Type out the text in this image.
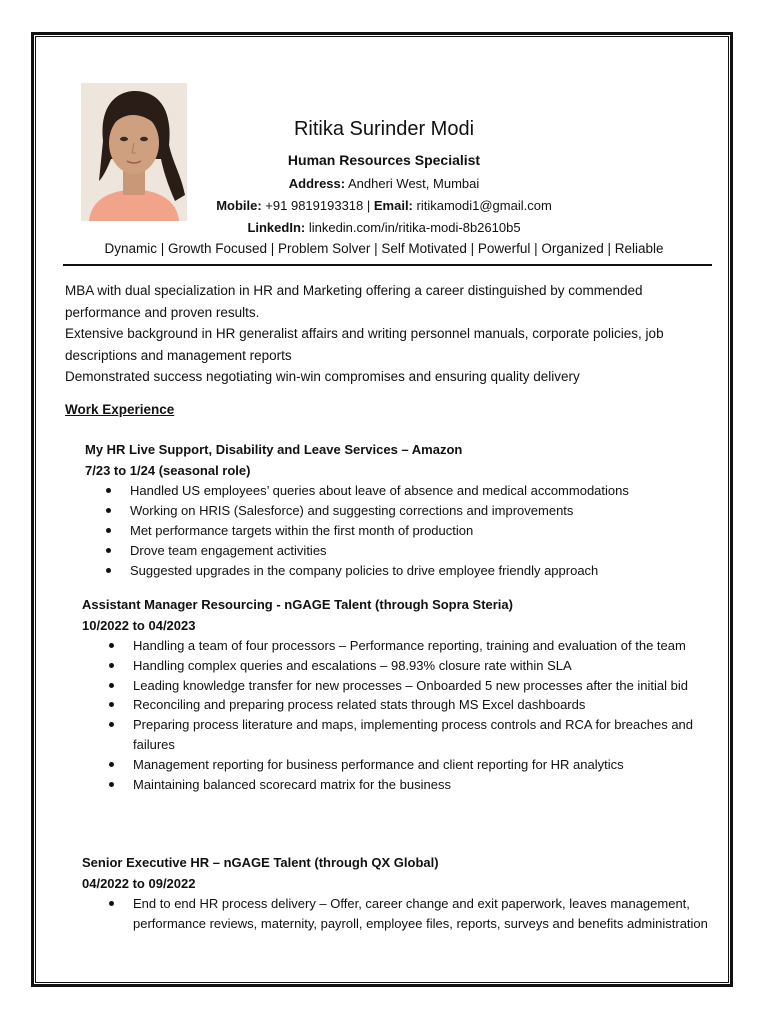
Ritika Surinder Modi
Human Resources Specialist
Address: Andheri West, Mumbai
Mobile: +91 9819193318 | Email: ritikamodi1@gmail.com
LinkedIn: linkedin.com/in/ritika-modi-8b2610b5
Dynamic | Growth Focused | Problem Solver | Self Motivated | Powerful | Organized | Reliable

MBA with dual specialization in HR and Marketing offering a career distinguished by commended performance and proven results.

Extensive background in HR generalist affairs and writing personnel manuals, corporate policies, job descriptions and management reports

Demonstrated success negotiating win-win compromises and ensuring quality delivery

Work Experience
My HR Live Support, Disability and Leave Services – Amazon
7/23 to 1/24 (seasonal role)
Handled US employees’ queries about leave of absence and medical accommodations
Working on HRIS (Salesforce) and suggesting corrections and improvements
Met performance targets within the first month of production
Drove team engagement activities
Suggested upgrades in the company policies to drive employee friendly approach
Assistant Manager Resourcing - nGAGE Talent (through Sopra Steria)
10/2022 to 04/2023
Handling a team of four processors – Performance reporting, training and evaluation of the team
Handling complex queries and escalations – 98.93% closure rate within SLA
Leading knowledge transfer for new processes – Onboarded 5 new processes after the initial bid
Reconciling and preparing process related stats through MS Excel dashboards
Preparing process literature and maps, implementing process controls and RCA for breaches and failures
Management reporting for business performance and client reporting for HR analytics
Maintaining balanced scorecard matrix for the business
Senior Executive HR – nGAGE Talent (through QX Global)
04/2022 to 09/2022
End to end HR process delivery – Offer, career change and exit paperwork, leaves management, performance reviews, maternity, payroll, employee files, reports, surveys and benefits administration
